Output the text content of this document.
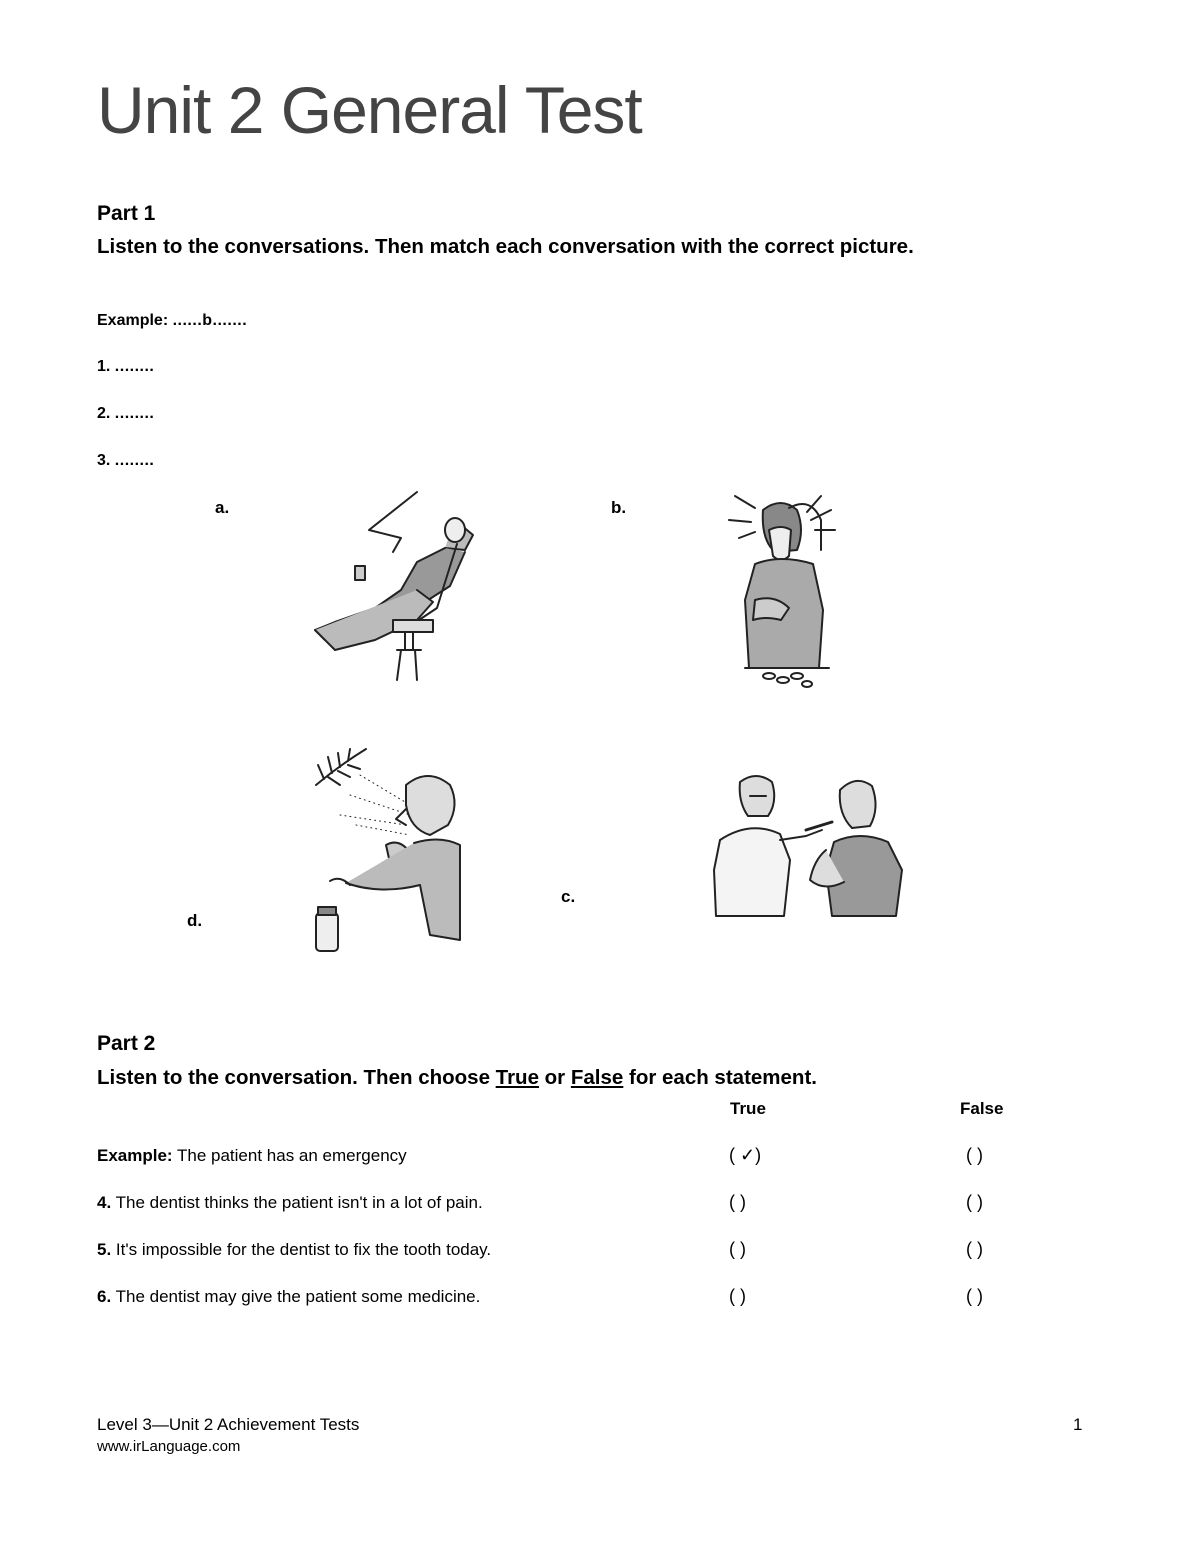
Unit 2 General Test
Part 1
Listen to the conversations. Then match each conversation with the correct picture.
Example: ......b.......
1. ........
2. ........
3. ........
a.	b.
c.
d.
Part 2
Listen to the conversation. Then choose True or False for each statement.
True	False
Example: The patient has an emergency	( ✓)	( )
4. The dentist thinks the patient isn't in a lot of pain.	( )	( )
5. It's impossible for the dentist to fix the tooth today.	( )	( )
6. The dentist may give the patient some medicine.	( )	( )
Level 3—Unit 2 Achievement Tests
www.irLanguage.com
1
